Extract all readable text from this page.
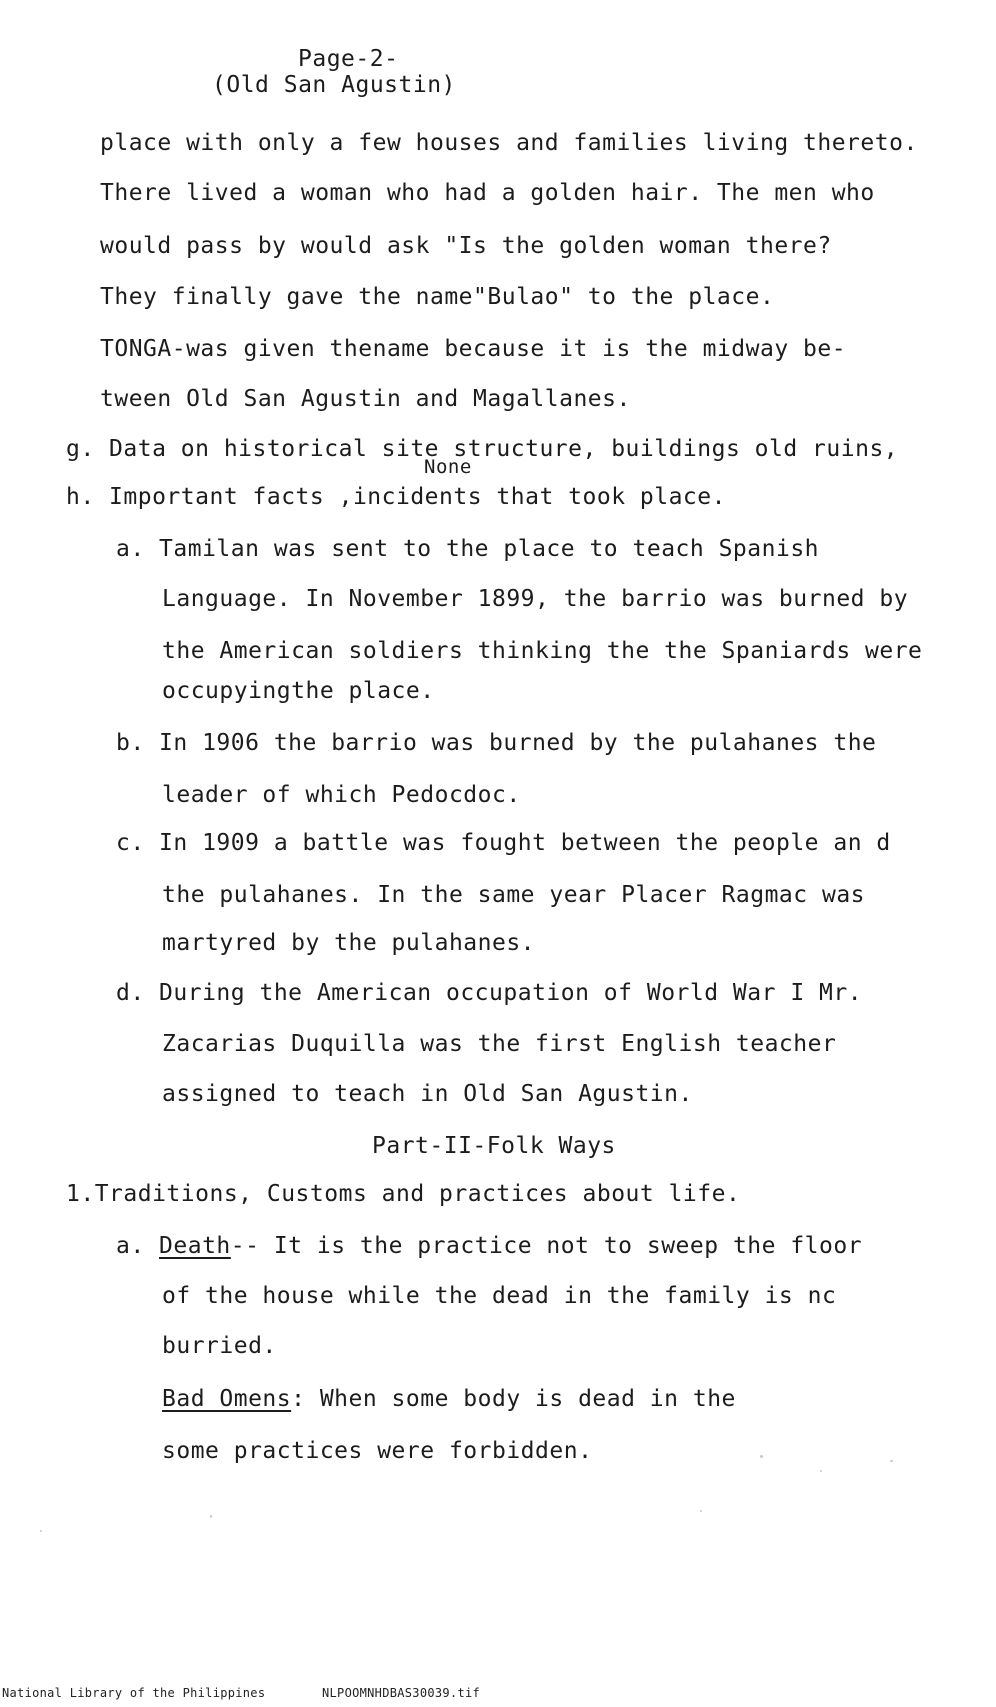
Page-2-
(Old San Agustin)
place with only a few houses and families living thereto.
There lived a woman who had a golden hair. The men who
would pass by would ask "Is the golden woman there?
They finally gave the name"Bulao" to the place.
TONGA-was given thename because it is the midway be-
tween Old San Agustin and Magallanes.
g. Data on historical site structure, buildings old ruins,
None
h. Important facts ,incidents that took place.
a. Tamilan was sent to the place to teach Spanish
Language. In November 1899, the barrio was burned by
the American soldiers thinking the the Spaniards were
occupyingthe place.
b. In 1906 the barrio was burned by the pulahanes the
leader of which Pedocdoc.
c. In 1909 a battle was fought between the people an d
the pulahanes. In the same year Placer Ragmac was
martyred by the pulahanes.
d. During the American occupation of World War I Mr.
Zacarias Duquilla was the first English teacher
assigned to teach in Old San Agustin.
Part-II-Folk Ways
1.Traditions, Customs and practices about life.
a. Death-- It is the practice not to sweep the floor
of the house while the dead in the family is nc
burried.
Bad Omens: When some body is dead in the
some practices were forbidden.
National Library of the Philippines	NLPOOMNHDBAS30039.tif
